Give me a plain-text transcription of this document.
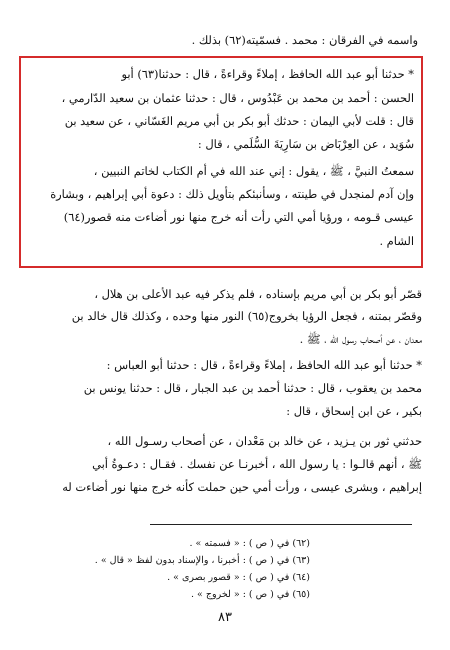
واسمه في الفرقان : محمد . فسمّيته(٦٢) بذلك .
* حدثنا أبو عبد الله الحافظ ، إملاءً وقراءةً ، قال : حدثنا(٦٣) أبو
الحسن : أحمد بن محمد بن عَبْدُوس ، قال : حدثنا عثمان بن سعيد الدّارمي ،
قال : قلت لأبي اليمان : حدثك أبو بكر بن أبي مريم الغَسّاني ، عن سعيد بن
سُوَيد ، عن العِرْبَاض بن سَارِيَةَ السُّلَمي ، قال :
سمعتُ النبيَّ ، ﷺ ، يقول : إني عند الله في أم الكتاب لخاتم النبيين ،
وإن آدم لمنجدل في طينته ، وسأنبئكم بتأويل ذلك : دعوة أبي إبراهيم ، وبشارة
عيسى قـومه ، ورؤيا أمي التي رأت أنه خرج منها نور أضاءت منه قصور(٦٤)
الشام .
قصّر أبو بكر بن أبي مريم بإسناده ، فلم يذكر فيه عبد الأعلى بن هلال ،
وقصّر بمتنه ، فجعل الرؤيا بخروج(٦٥) النور منها وحده ، وكذلك قال خالد بن
معدان ، عن أصحاب رسول الله ، ﷺ .
* حدثنا أبو عبد الله الحافظ ، إملاءً وقراءةً ، قال : حدثنا أبو العباس :
محمد بن يعقوب ، قال : حدثنا أحمد بن عبد الجبار ، قال : حدثنا يونس بن
بكير ، عن ابن إسحاق ، قال :
حدثني ثور بن يـزيد ، عن خالد بن مَعْدان ، عن أصحاب رسـول الله ،
ﷺ ، أنهم قالـوا : يا رسول الله ، أخبرنـا عن نفسك . فقـال : دعـوةُ أبي
إبراهيم ، وبشرى عيسى ، ورأت أمي حين حملت كأنه خرج منها نور أضاءت له
(٦٢) في ( ص ) : « فسمته » .
(٦٣) في ( ص ) : أخبرنا ، والإسناد بدون لفظ « قال » .
(٦٤) في ( ص ) : « قصور بصرى » .
(٦٥) في ( ص ) : « لخروج » .
٨٣
